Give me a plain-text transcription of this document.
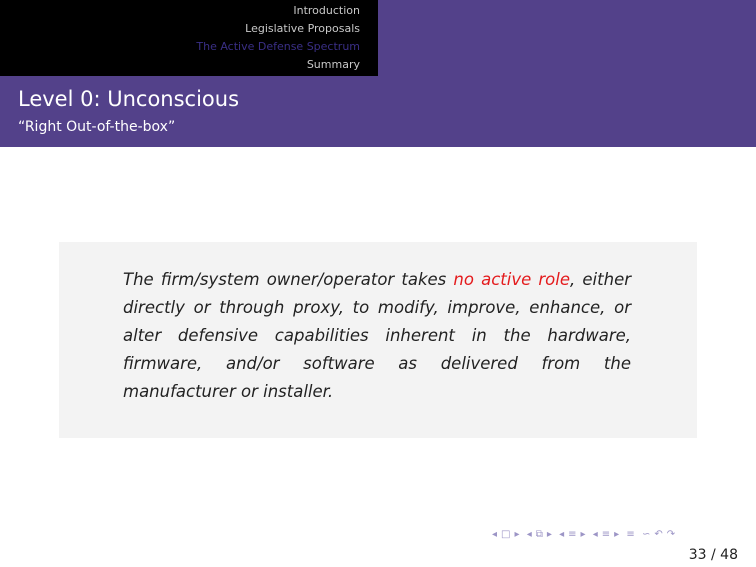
Introduction
Legislative Proposals
The Active Defense Spectrum
Summary
Level 0: Unconscious
“Right Out-of-the-box”
The firm/system owner/operator takes no active role, either directly or through proxy, to modify, improve, enhance, or alter defensive capabilities inherent in the hardware, firmware, and/or software as delivered from the manufacturer or installer.
◂ □ ▸ ◂ ⧉ ▸ ◂ ≡ ▸ ◂ ≡ ▸ ≡ ∽ ↶ ↷
33 / 48
